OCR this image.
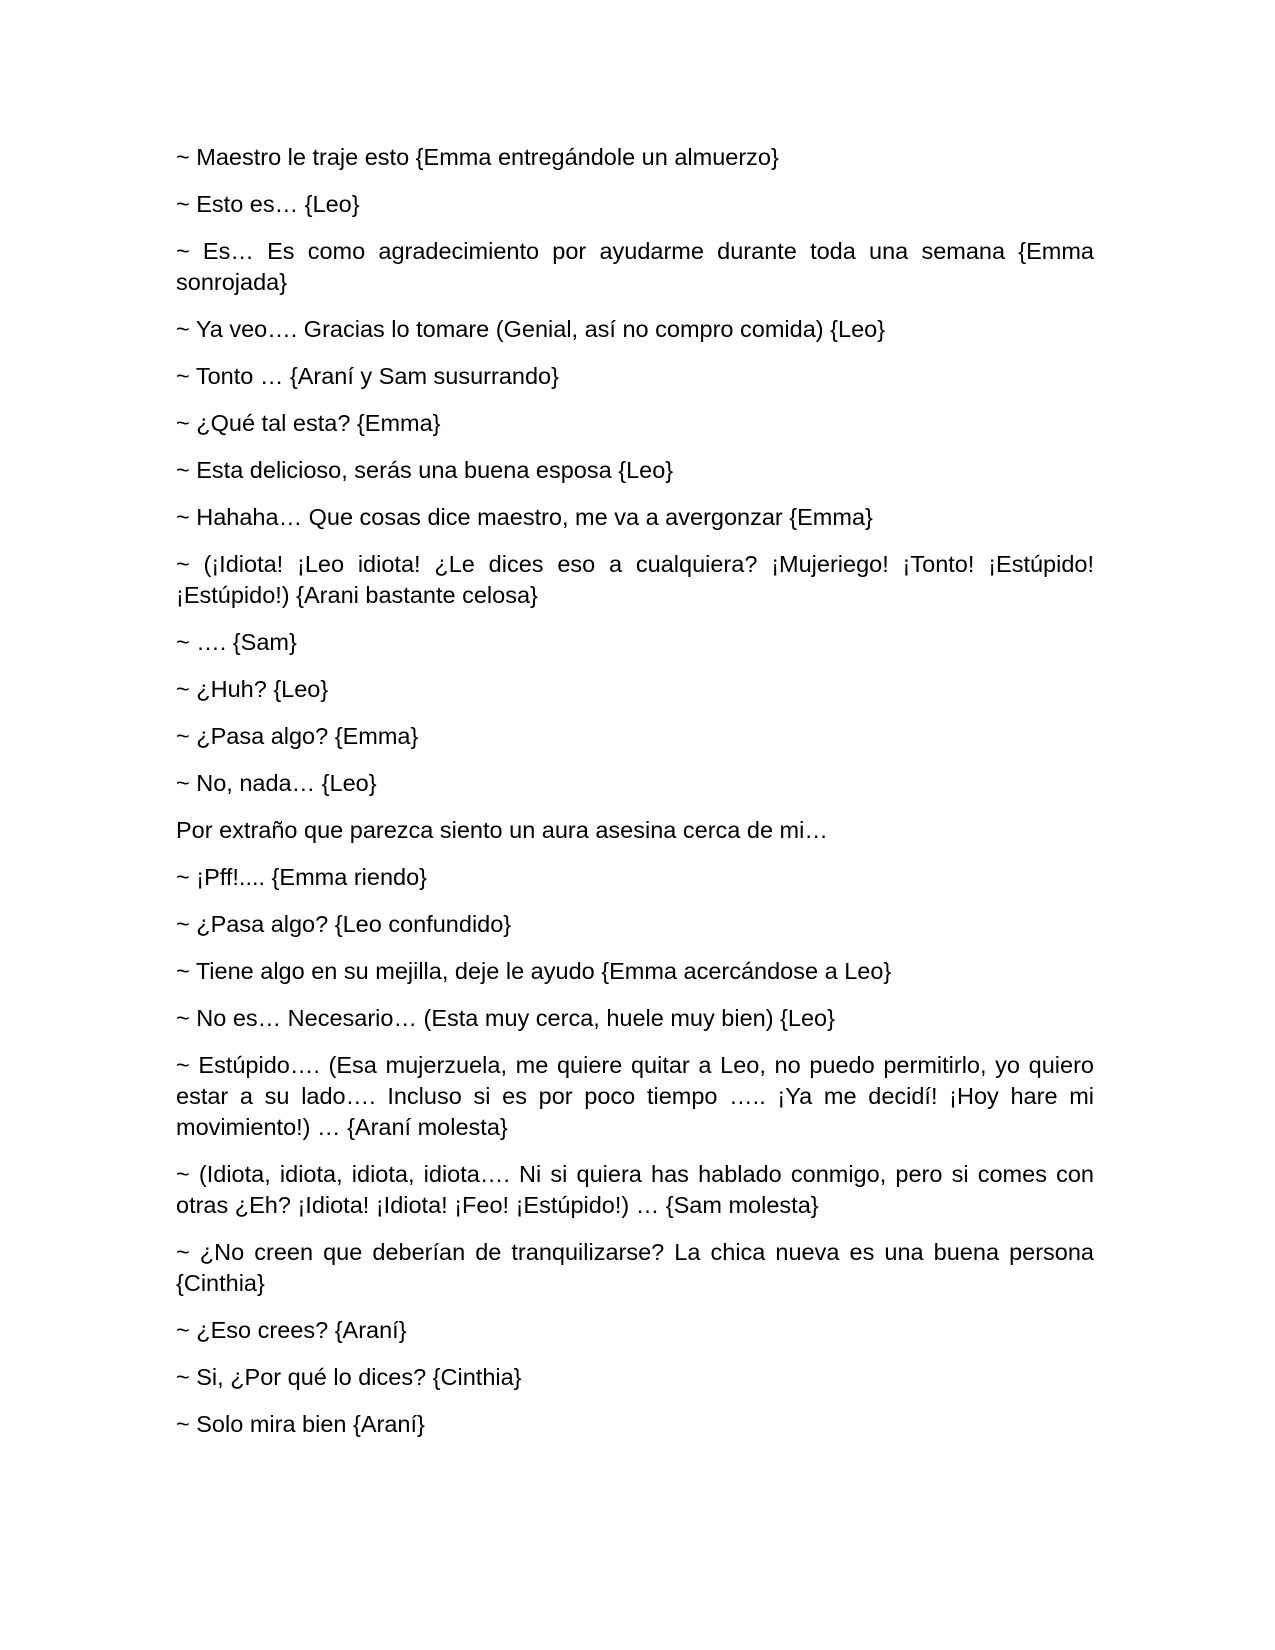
~ Maestro le traje esto {Emma entregándole un almuerzo}

~ Esto es… {Leo}

~ Es… Es como agradecimiento por ayudarme durante toda una semana {Emma sonrojada}

~ Ya veo…. Gracias lo tomare (Genial, así no compro comida) {Leo}

~ Tonto … {Araní y Sam susurrando}

~ ¿Qué tal esta? {Emma}

~ Esta delicioso, serás una buena esposa {Leo}

~ Hahaha… Que cosas dice maestro, me va a avergonzar {Emma}

~ (¡Idiota! ¡Leo idiota! ¿Le dices eso a cualquiera? ¡Mujeriego! ¡Tonto! ¡Estúpido! ¡Estúpido!) {Arani bastante celosa}

~ …. {Sam}

~ ¿Huh? {Leo}

~ ¿Pasa algo? {Emma}

~ No, nada… {Leo}

Por extraño que parezca siento un aura asesina cerca de mi…

~ ¡Pff!.... {Emma riendo}

~ ¿Pasa algo? {Leo confundido}

~ Tiene algo en su mejilla, deje le ayudo {Emma acercándose a Leo}

~ No es… Necesario… (Esta muy cerca, huele muy bien) {Leo}

~ Estúpido…. (Esa mujerzuela, me quiere quitar a Leo, no puedo permitirlo, yo quiero estar a su lado…. Incluso si es por poco tiempo ….. ¡Ya me decidí! ¡Hoy hare mi movimiento!) … {Araní molesta}

~ (Idiota, idiota, idiota, idiota…. Ni si quiera has hablado conmigo, pero si comes con otras ¿Eh? ¡Idiota! ¡Idiota! ¡Feo! ¡Estúpido!) … {Sam molesta}

~ ¿No creen que deberían de tranquilizarse? La chica nueva es una buena persona {Cinthia}

~ ¿Eso crees? {Araní}

~ Si, ¿Por qué lo dices? {Cinthia}

~ Solo mira bien {Araní}
